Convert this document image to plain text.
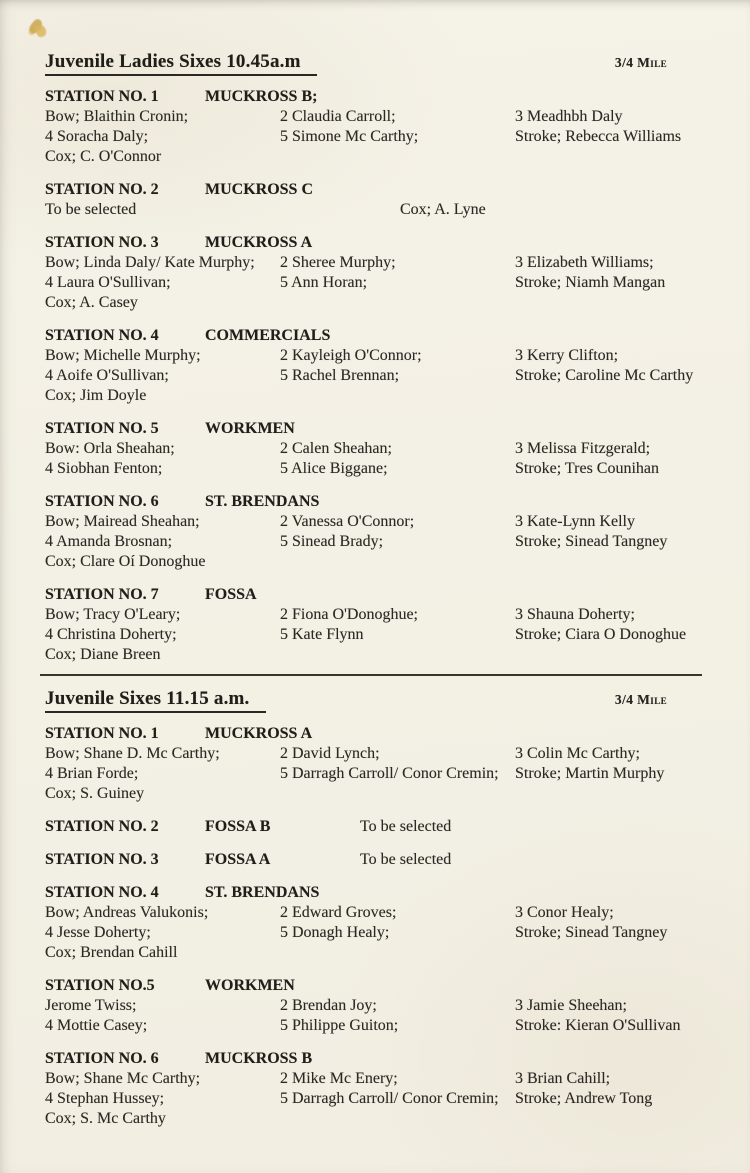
Juvenile Ladies Sixes 10.45a.m	3/4 Mile
STATION NO. 1	MUCKROSS B;
Bow; Blaithin Cronin;	2 Claudia Carroll;	3 Meadhbh Daly
4 Soracha Daly;	5 Simone Mc Carthy;	Stroke; Rebecca Williams
Cox; C. O'Connor
STATION NO. 2	MUCKROSS C
To be selected	Cox; A. Lyne
STATION NO. 3	MUCKROSS A
Bow; Linda Daly/ Kate Murphy;	2 Sheree Murphy;	3 Elizabeth Williams;
4 Laura O'Sullivan;	5 Ann Horan;	Stroke; Niamh Mangan
Cox; A. Casey
STATION NO. 4	COMMERCIALS
Bow; Michelle Murphy;	2 Kayleigh O'Connor;	3 Kerry Clifton;
4 Aoife O'Sullivan;	5 Rachel Brennan;	Stroke; Caroline Mc Carthy
Cox; Jim Doyle
STATION NO. 5	WORKMEN
Bow: Orla Sheahan;	2 Calen Sheahan;	3 Melissa Fitzgerald;
4 Siobhan Fenton;	5 Alice Biggane;	Stroke; Tres Counihan
STATION NO. 6	ST. BRENDANS
Bow; Mairead Sheahan;	2 Vanessa O'Connor;	3 Kate-Lynn Kelly
4 Amanda Brosnan;	5 Sinead Brady;	Stroke; Sinead Tangney
Cox; Clare Oí Donoghue
STATION NO. 7	FOSSA
Bow; Tracy O'Leary;	2 Fiona O'Donoghue;	3 Shauna Doherty;
4 Christina Doherty;	5 Kate Flynn	Stroke; Ciara O Donoghue
Cox; Diane Breen
Juvenile Sixes 11.15 a.m.	3/4 Mile
STATION NO. 1	MUCKROSS A
Bow; Shane D. Mc Carthy;	2 David Lynch;	3 Colin Mc Carthy;
4 Brian Forde;	5 Darragh Carroll/ Conor Cremin;	Stroke; Martin Murphy
Cox; S. Guiney
STATION NO. 2	FOSSA B	To be selected
STATION NO. 3	FOSSA A	To be selected
STATION NO. 4	ST. BRENDANS
Bow; Andreas Valukonis;	2 Edward Groves;	3 Conor Healy;
4 Jesse Doherty;	5 Donagh Healy;	Stroke; Sinead Tangney
Cox; Brendan Cahill
STATION NO.5	WORKMEN
Jerome Twiss;	2 Brendan Joy;	3 Jamie Sheehan;
4 Mottie Casey;	5 Philippe Guiton;	Stroke: Kieran O'Sullivan
STATION NO. 6	MUCKROSS B
Bow; Shane Mc Carthy;	2 Mike Mc Enery;	3 Brian Cahill;
4 Stephan Hussey;	5 Darragh Carroll/ Conor Cremin;	Stroke; Andrew Tong
Cox; S. Mc Carthy
